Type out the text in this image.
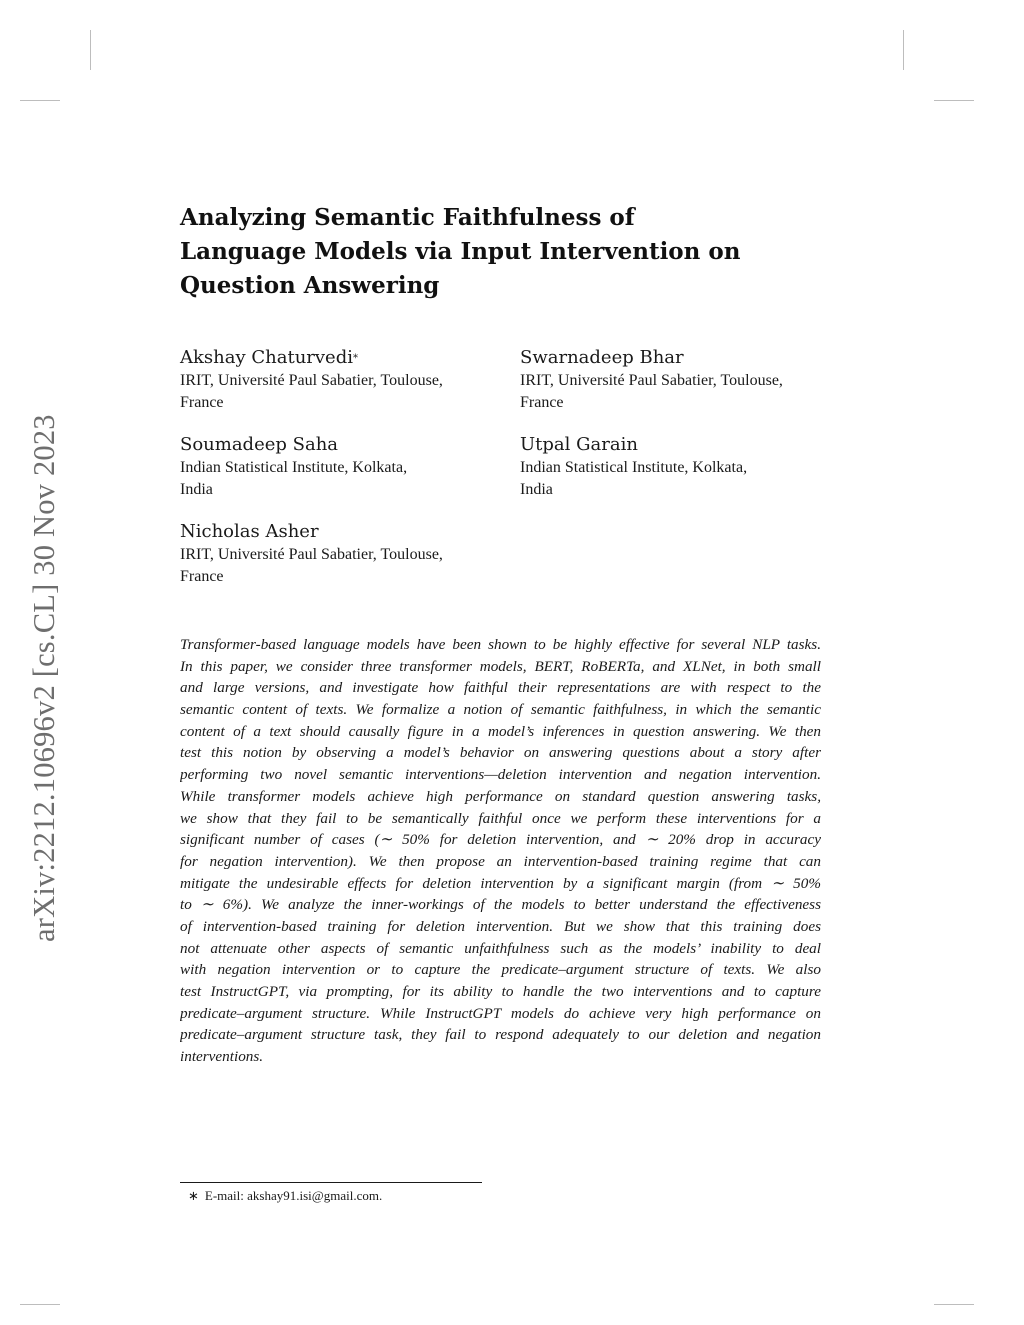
arXiv:2212.10696v2 [cs.CL] 30 Nov 2023
Analyzing Semantic Faithfulness of
Language Models via Input Intervention on
Question Answering
Akshay Chaturvedi*
IRIT, Université Paul Sabatier, Toulouse,
France
Swarnadeep Bhar
IRIT, Université Paul Sabatier, Toulouse,
France
Soumadeep Saha
Indian Statistical Institute, Kolkata,
India
Utpal Garain
Indian Statistical Institute, Kolkata,
India
Nicholas Asher
IRIT, Université Paul Sabatier, Toulouse,
France
Transformer-based language models have been shown to be highly effective for several NLP tasks.
In this paper, we consider three transformer models, BERT, RoBERTa, and XLNet, in both small
and large versions, and investigate how faithful their representations are with respect to the
semantic content of texts. We formalize a notion of semantic faithfulness, in which the semantic
content of a text should causally figure in a model’s inferences in question answering. We then
test this notion by observing a model’s behavior on answering questions about a story after
performing two novel semantic interventions—deletion intervention and negation intervention.
While transformer models achieve high performance on standard question answering tasks,
we show that they fail to be semantically faithful once we perform these interventions for a
significant number of cases (∼ 50% for deletion intervention, and ∼ 20% drop in accuracy
for negation intervention). We then propose an intervention-based training regime that can
mitigate the undesirable effects for deletion intervention by a significant margin (from ∼ 50%
to ∼ 6%). We analyze the inner-workings of the models to better understand the effectiveness
of intervention-based training for deletion intervention. But we show that this training does
not attenuate other aspects of semantic unfaithfulness such as the models’ inability to deal
with negation intervention or to capture the predicate–argument structure of texts. We also
test InstructGPT, via prompting, for its ability to handle the two interventions and to capture
predicate–argument structure. While InstructGPT models do achieve very high performance on
predicate–argument structure task, they fail to respond adequately to our deletion and negation
interventions.
∗ E-mail: akshay91.isi@gmail.com.
